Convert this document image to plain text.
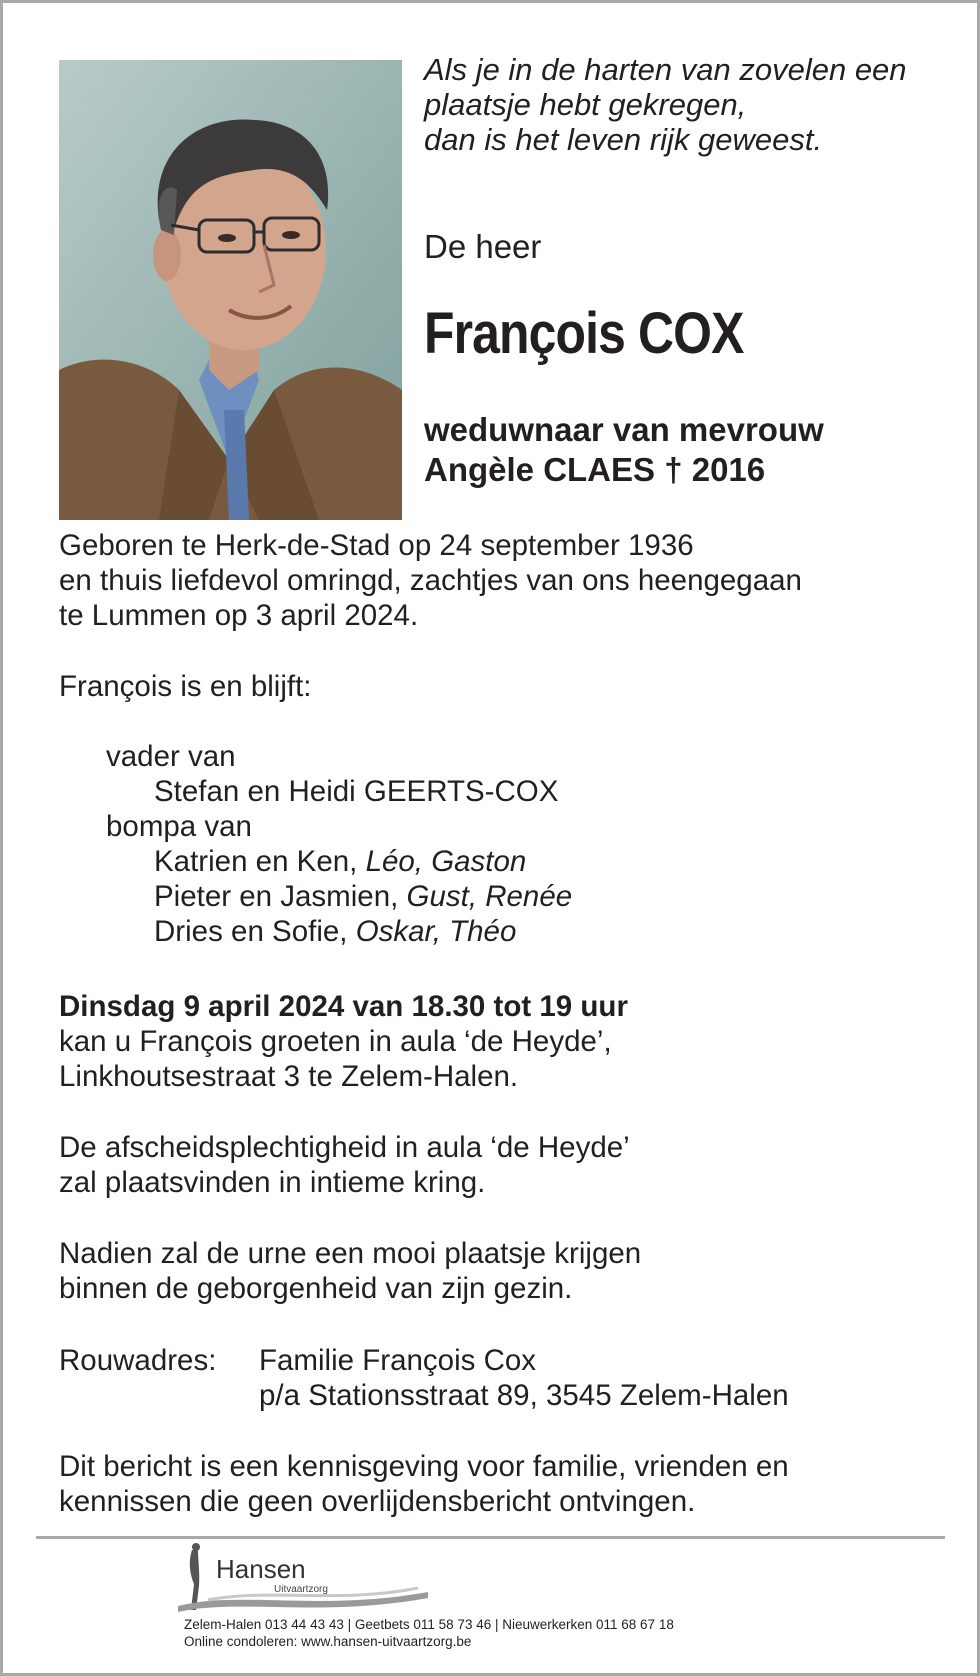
Als je in de harten van zovelen een
plaatsje hebt gekregen,
dan is het leven rijk geweest.
De heer
François COX
weduwnaar van mevrouw
Angèle CLAES † 2016
Geboren te Herk-de-Stad op 24 september 1936
en thuis liefdevol omringd, zachtjes van ons heengegaan
te Lummen op 3 april 2024.
François is en blijft:
vader van
Stefan en Heidi GEERTS-COX
bompa van
Katrien en Ken, Léo, Gaston
Pieter en Jasmien, Gust, Renée
Dries en Sofie, Oskar, Théo
Dinsdag 9 april 2024 van 18.30 tot 19 uur
kan u François groeten in aula ‘de Heyde’,
Linkhoutsestraat 3 te Zelem-Halen.
De afscheidsplechtigheid in aula ‘de Heyde’
zal plaatsvinden in intieme kring.
Nadien zal de urne een mooi plaatsje krijgen
binnen de geborgenheid van zijn gezin.
Rouwadres: Familie François Cox
p/a Stationsstraat 89, 3545 Zelem-Halen
Dit bericht is een kennisgeving voor familie, vrienden en
kennissen die geen overlijdensbericht ontvingen.
Hansen
Uitvaartzorg
Zelem-Halen 013 44 43 43 | Geetbets 011 58 73 46 | Nieuwerkerken 011 68 67 18
Online condoleren: www.hansen-uitvaartzorg.be
